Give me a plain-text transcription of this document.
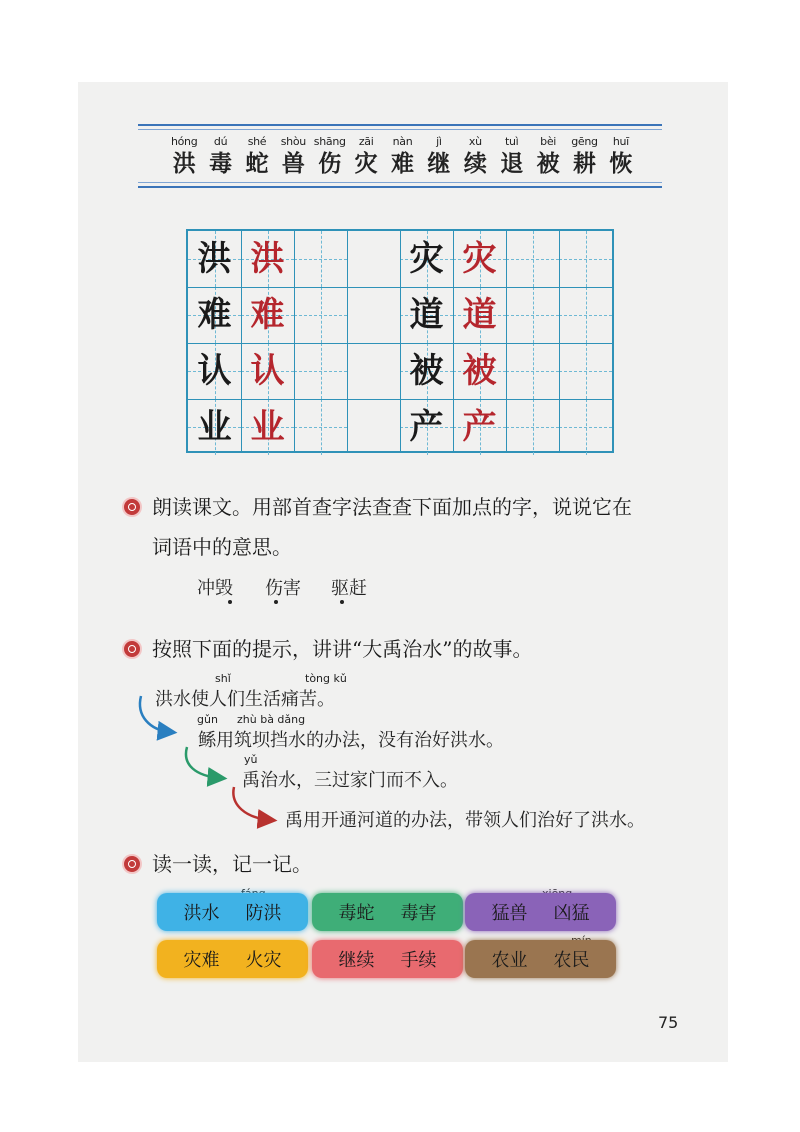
hóng
洪
dú
毒
shé
蛇
shòu
兽
shāng
伤
zāi
灾
nàn
难
jì
继
xù
续
tuì
退
bèi
被
gēng
耕
huī
恢
洪 洪	灾 灾
难 难	道 道
认 认	被 被
业 业	产 产
朗读课文。用部首查字法查查下面加点的字，说说它在
词语中的意思。
冲毁 伤害 驱赶
按照下面的提示，讲讲“大禹治水”的故事。
shǐ	tòng kǔ
洪水使人们生活痛苦。
gǔn zhù bà dǎng
鲧用筑坝挡水的办法，没有治好洪水。
yǔ
禹治水，三过家门而不入。
禹用开通河道的办法，带领人们治好了洪水。
读一读，记一记。
洪水 防洪	毒蛇 毒害	猛兽 凶猛
灾难 火灾	继续 手续	农业 农民
75
